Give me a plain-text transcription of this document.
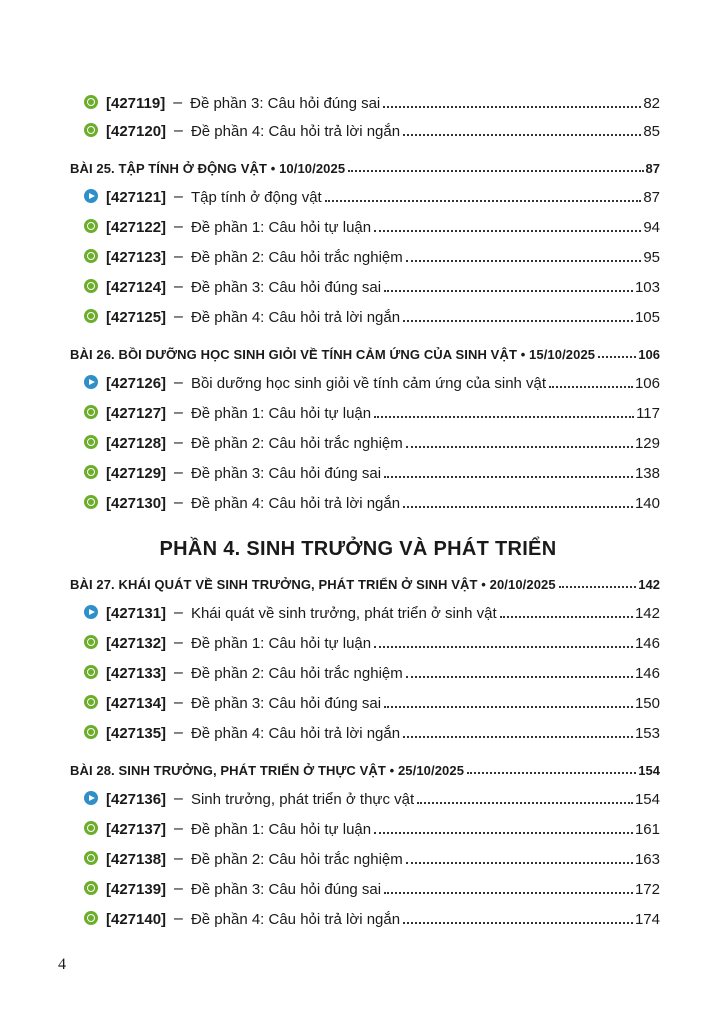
[427119] – Đề phần 3: Câu hỏi đúng sai	82
[427120] – Đề phần 4: Câu hỏi trả lời ngắn	85
BÀI 25. TẬP TÍNH Ở ĐỘNG VẬT • 10/10/2025	87
[427121] – Tập tính ở động vật	87
[427122] – Đề phần 1: Câu hỏi tự luận	94
[427123] – Đề phần 2: Câu hỏi trắc nghiệm	95
[427124] – Đề phần 3: Câu hỏi đúng sai	103
[427125] – Đề phần 4: Câu hỏi trả lời ngắn	105
BÀI 26. BỒI DƯỠNG HỌC SINH GIỎI VỀ TÍNH CẢM ỨNG CỦA SINH VẬT • 15/10/2025	106
[427126] – Bồi dưỡng học sinh giỏi về tính cảm ứng của sinh vật	106
[427127] – Đề phần 1: Câu hỏi tự luận	117
[427128] – Đề phần 2: Câu hỏi trắc nghiệm	129
[427129] – Đề phần 3: Câu hỏi đúng sai	138
[427130] – Đề phần 4: Câu hỏi trả lời ngắn	140
BÀI 27. KHÁI QUÁT VỀ SINH TRƯỞNG, PHÁT TRIỂN Ở SINH VẬT • 20/10/2025	142
[427131] – Khái quát về sinh trưởng, phát triển ở sinh vật	142
[427132] – Đề phần 1: Câu hỏi tự luận	146
[427133] – Đề phần 2: Câu hỏi trắc nghiệm	146
[427134] – Đề phần 3: Câu hỏi đúng sai	150
[427135] – Đề phần 4: Câu hỏi trả lời ngắn	153
BÀI 28. SINH TRƯỞNG, PHÁT TRIỂN Ở THỰC VẬT • 25/10/2025	154
[427136] – Sinh trưởng, phát triển ở thực vật	154
[427137] – Đề phần 1: Câu hỏi tự luận	161
[427138] – Đề phần 2: Câu hỏi trắc nghiệm	163
[427139] – Đề phần 3: Câu hỏi đúng sai	172
[427140] – Đề phần 4: Câu hỏi trả lời ngắn	174
PHẦN 4. SINH TRƯỞNG VÀ PHÁT TRIỂN
4
